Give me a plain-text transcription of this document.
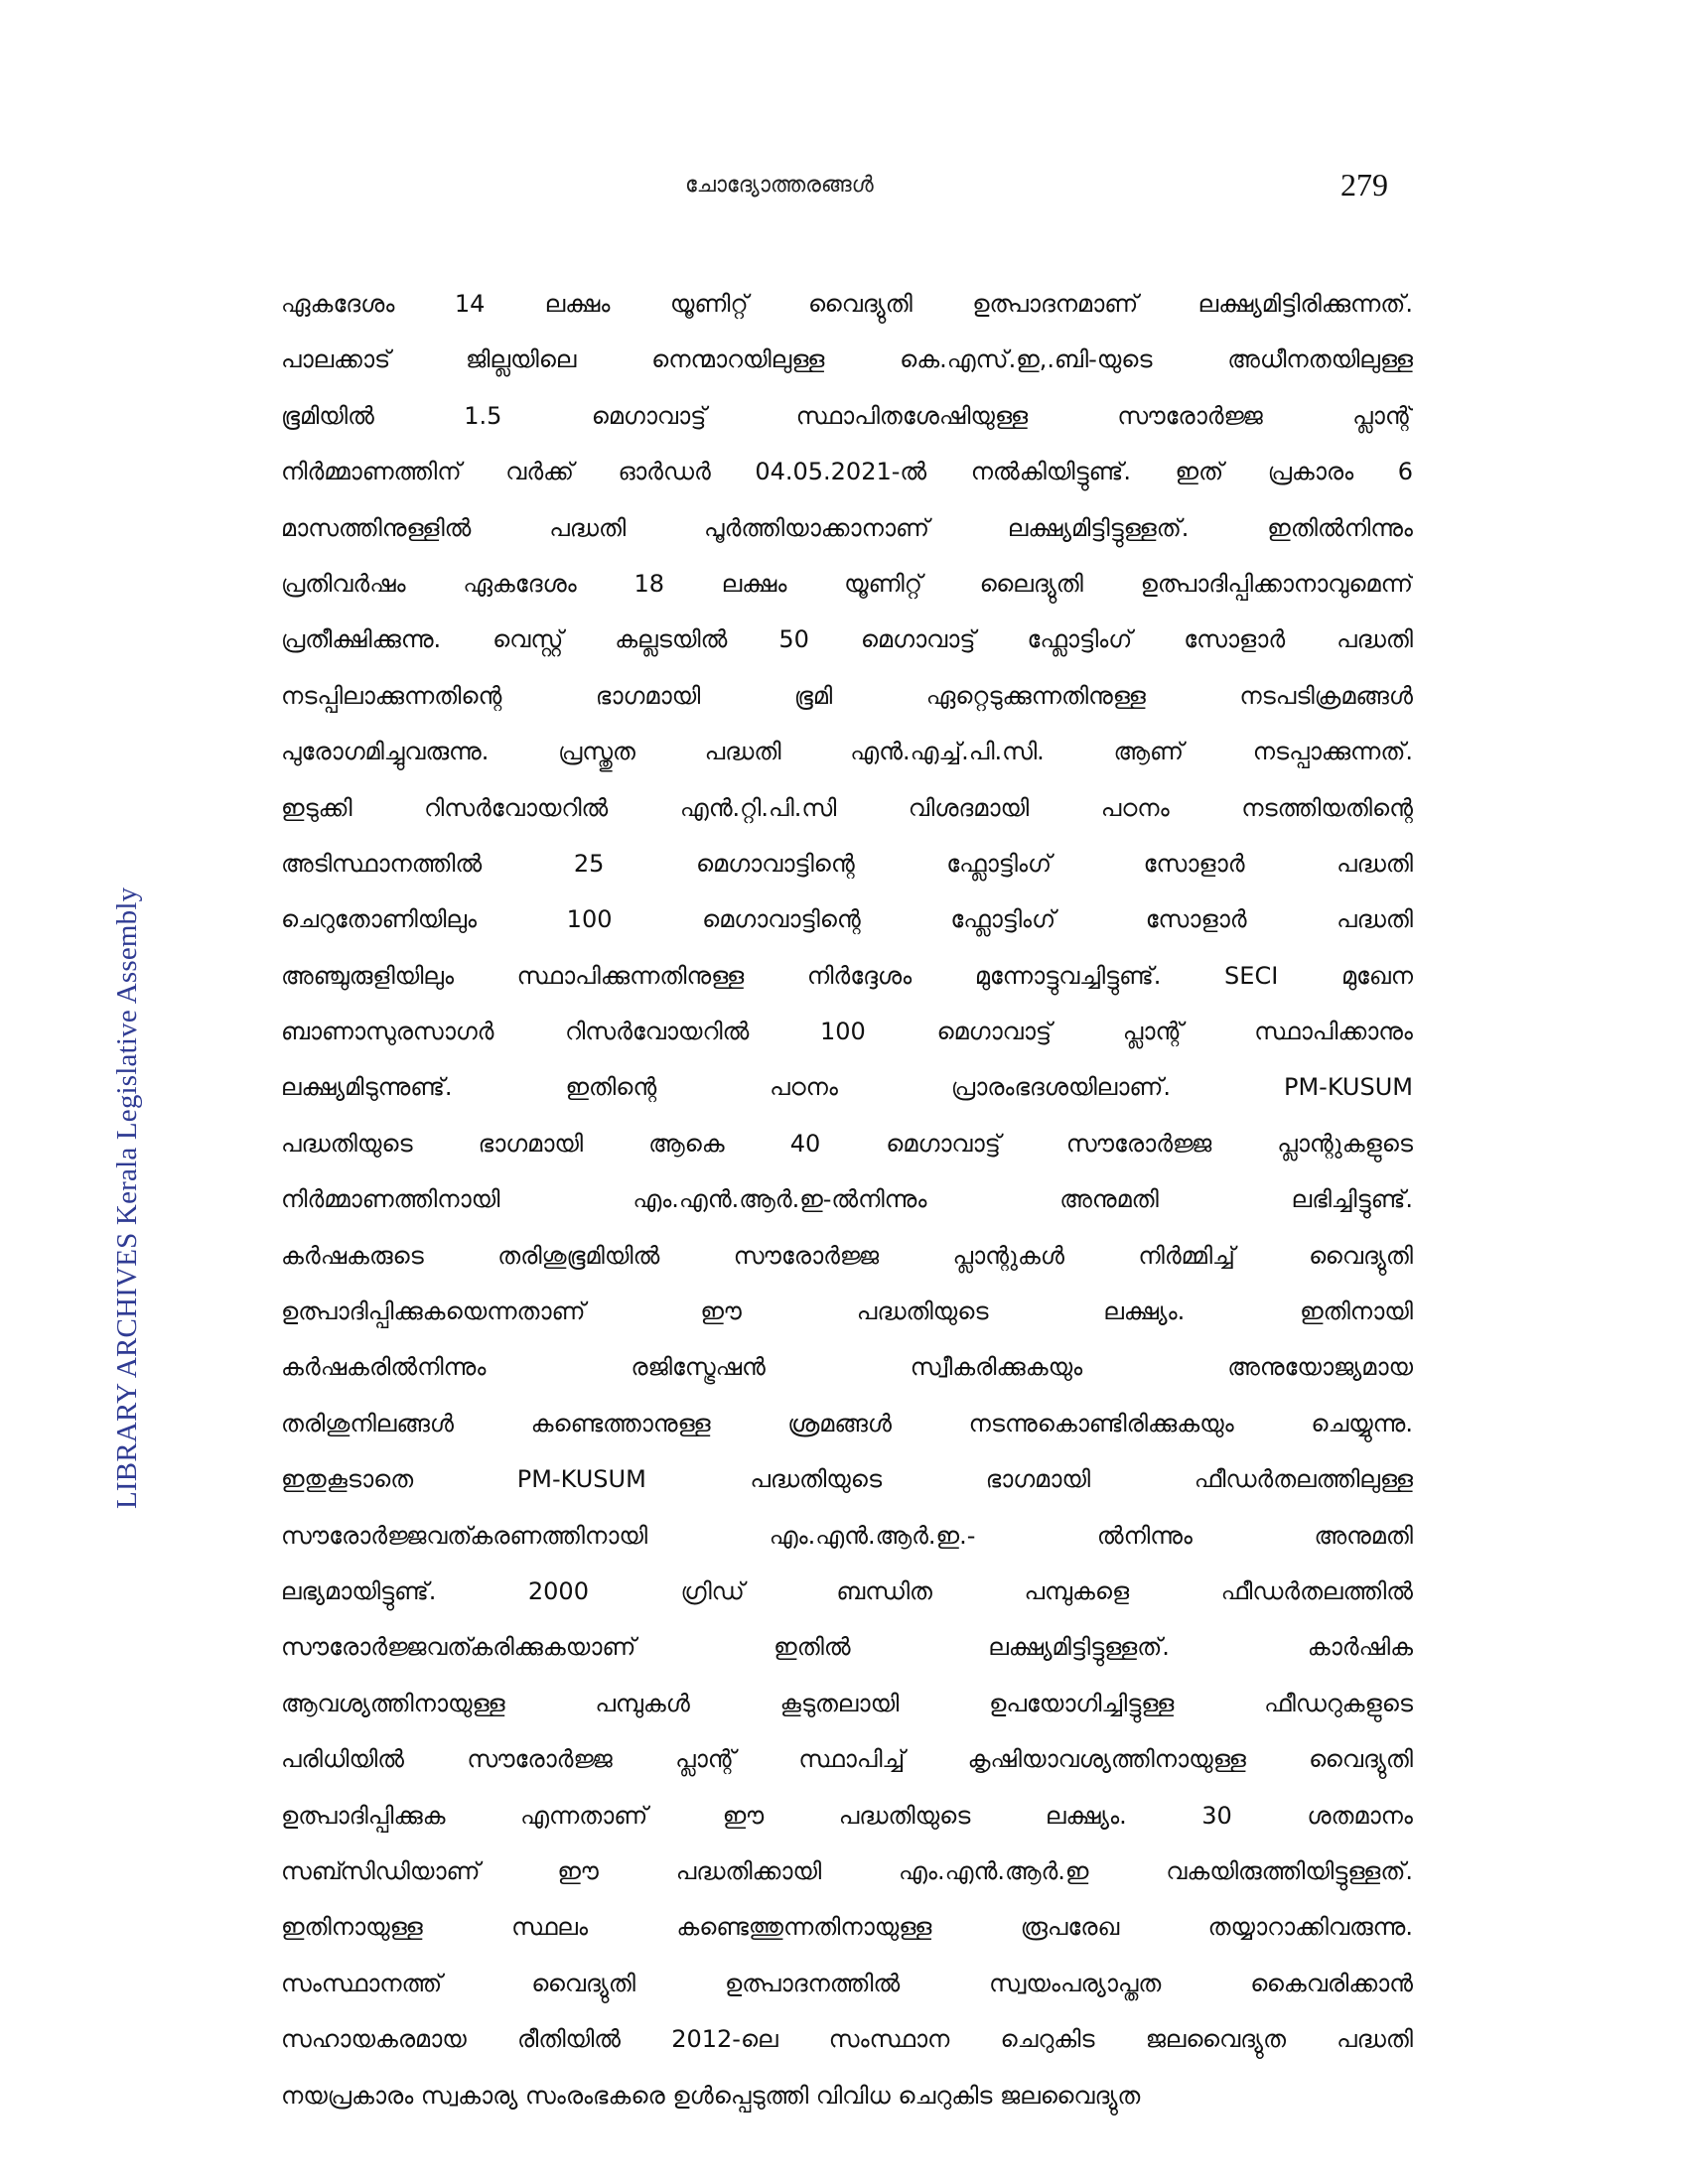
ചോദ്യോത്തരങ്ങൾ	279
LIBRARY ARCHIVES Kerala Legislative Assembly
ഏകദേശം 14 ലക്ഷം യൂണിറ്റ് വൈദ്യുതി ഉത്പാദനമാണ് ലക്ഷ്യമിട്ടിരിക്കുന്നത്.
പാലക്കാട് ജില്ലയിലെ നെന്മാറയിലുള്ള കെ.എസ്.ഇ,.ബി-യുടെ അധീനതയിലുള്ള
ഭൂമിയിൽ 1.5 മെഗാവാട്ട് സ്ഥാപിതശേഷിയുള്ള സൗരോർജ്ജ പ്ലാന്റ്
നിർമ്മാണത്തിന് വർക്ക് ഓർഡർ 04.05.2021-ൽ നൽകിയിട്ടുണ്ട്. ഇത് പ്രകാരം 6
മാസത്തിനുള്ളിൽ പദ്ധതി പൂർത്തിയാക്കാനാണ് ലക്ഷ്യമിട്ടിട്ടുള്ളത്. ഇതിൽനിന്നും
പ്രതിവർഷം ഏകദേശം 18 ലക്ഷം യൂണിറ്റ് ലൈദ്യുതി ഉത്പാദിപ്പിക്കാനാവുമെന്ന്
പ്രതീക്ഷിക്കുന്നു. വെസ്റ്റ് കല്ലടയിൽ 50 മെഗാവാട്ട് ഫ്ലോട്ടിംഗ് സോളാർ പദ്ധതി
നടപ്പിലാക്കുന്നതിന്റെ ഭാഗമായി ഭൂമി ഏറ്റെടുക്കുന്നതിനുള്ള നടപടിക്രമങ്ങൾ
പുരോഗമിച്ചുവരുന്നു. പ്രസ്തുത പദ്ധതി എൻ.എച്ച്.പി.സി. ആണ് നടപ്പാക്കുന്നത്.
ഇടുക്കി റിസർവോയറിൽ എൻ.റ്റി.പി.സി വിശദമായി പഠനം നടത്തിയതിന്റെ
അടിസ്ഥാനത്തിൽ 25 മെഗാവാട്ടിന്റെ ഫ്ലോട്ടിംഗ് സോളാർ പദ്ധതി
ചെറുതോണിയിലും 100 മെഗാവാട്ടിന്റെ ഫ്ലോട്ടിംഗ് സോളാർ പദ്ധതി
അഞ്ചുരുളിയിലും സ്ഥാപിക്കുന്നതിനുള്ള നിർദ്ദേശം മുന്നോട്ടുവച്ചിട്ടുണ്ട്. SECI മുഖേന
ബാണാസുരസാഗർ റിസർവോയറിൽ 100 മെഗാവാട്ട് പ്ലാന്റ് സ്ഥാപിക്കാനും
ലക്ഷ്യമിടുന്നുണ്ട്. ഇതിന്റെ പഠനം പ്രാരംഭദശയിലാണ്. PM-KUSUM
പദ്ധതിയുടെ ഭാഗമായി ആകെ 40 മെഗാവാട്ട് സൗരോർജ്ജ പ്ലാന്റുകളുടെ
നിർമ്മാണത്തിനായി എം.എൻ.ആർ.ഇ-ൽനിന്നും അനുമതി ലഭിച്ചിട്ടുണ്ട്.
കർഷകരുടെ തരിശുഭൂമിയിൽ സൗരോർജ്ജ പ്ലാന്റുകൾ നിർമ്മിച്ച് വൈദ്യുതി
ഉത്പാദിപ്പിക്കുകയെന്നതാണ് ഈ പദ്ധതിയുടെ ലക്ഷ്യം. ഇതിനായി
കർഷകരിൽനിന്നും രജിസ്ട്രേഷൻ സ്വീകരിക്കുകയും അനുയോജ്യമായ
തരിശുനിലങ്ങൾ കണ്ടെത്താനുള്ള ശ്രമങ്ങൾ നടന്നുകൊണ്ടിരിക്കുകയും ചെയ്യുന്നു.
ഇതുകൂടാതെ PM-KUSUM പദ്ധതിയുടെ ഭാഗമായി ഫീഡർതലത്തിലുള്ള
സൗരോർജ്ജവത്കരണത്തിനായി എം.എൻ.ആർ.ഇ.- ൽനിന്നും അനുമതി
ലഭ്യമായിട്ടുണ്ട്. 2000 ഗ്രിഡ് ബന്ധിത പമ്പുകളെ ഫീഡർതലത്തിൽ
സൗരോർജ്ജവത്കരിക്കുകയാണ് ഇതിൽ ലക്ഷ്യമിട്ടിട്ടുള്ളത്. കാർഷിക
ആവശ്യത്തിനായുള്ള പമ്പുകൾ കൂടുതലായി ഉപയോഗിച്ചിട്ടുള്ള ഫീഡറുകളുടെ
പരിധിയിൽ സൗരോർജ്ജ പ്ലാന്റ് സ്ഥാപിച്ച് കൃഷിയാവശ്യത്തിനായുള്ള വൈദ്യുതി
ഉത്പാദിപ്പിക്കുക എന്നതാണ് ഈ പദ്ധതിയുടെ ലക്ഷ്യം. 30 ശതമാനം
സബ്സിഡിയാണ് ഈ പദ്ധതിക്കായി എം.എൻ.ആർ.ഇ വകയിരുത്തിയിട്ടുള്ളത്.
ഇതിനായുള്ള സ്ഥലം കണ്ടെത്തുന്നതിനായുള്ള രൂപരേഖ തയ്യാറാക്കിവരുന്നു.
സംസ്ഥാനത്ത് വൈദ്യുതി ഉത്പാദനത്തിൽ സ്വയംപര്യാപ്തത കൈവരിക്കാൻ
സഹായകരമായ രീതിയിൽ 2012-ലെ സംസ്ഥാന ചെറുകിട ജലവൈദ്യുത പദ്ധതി
നയപ്രകാരം സ്വകാര്യ സംരംഭകരെ ഉൾപ്പെടുത്തി വിവിധ ചെറുകിട ജലവൈദ്യുത
